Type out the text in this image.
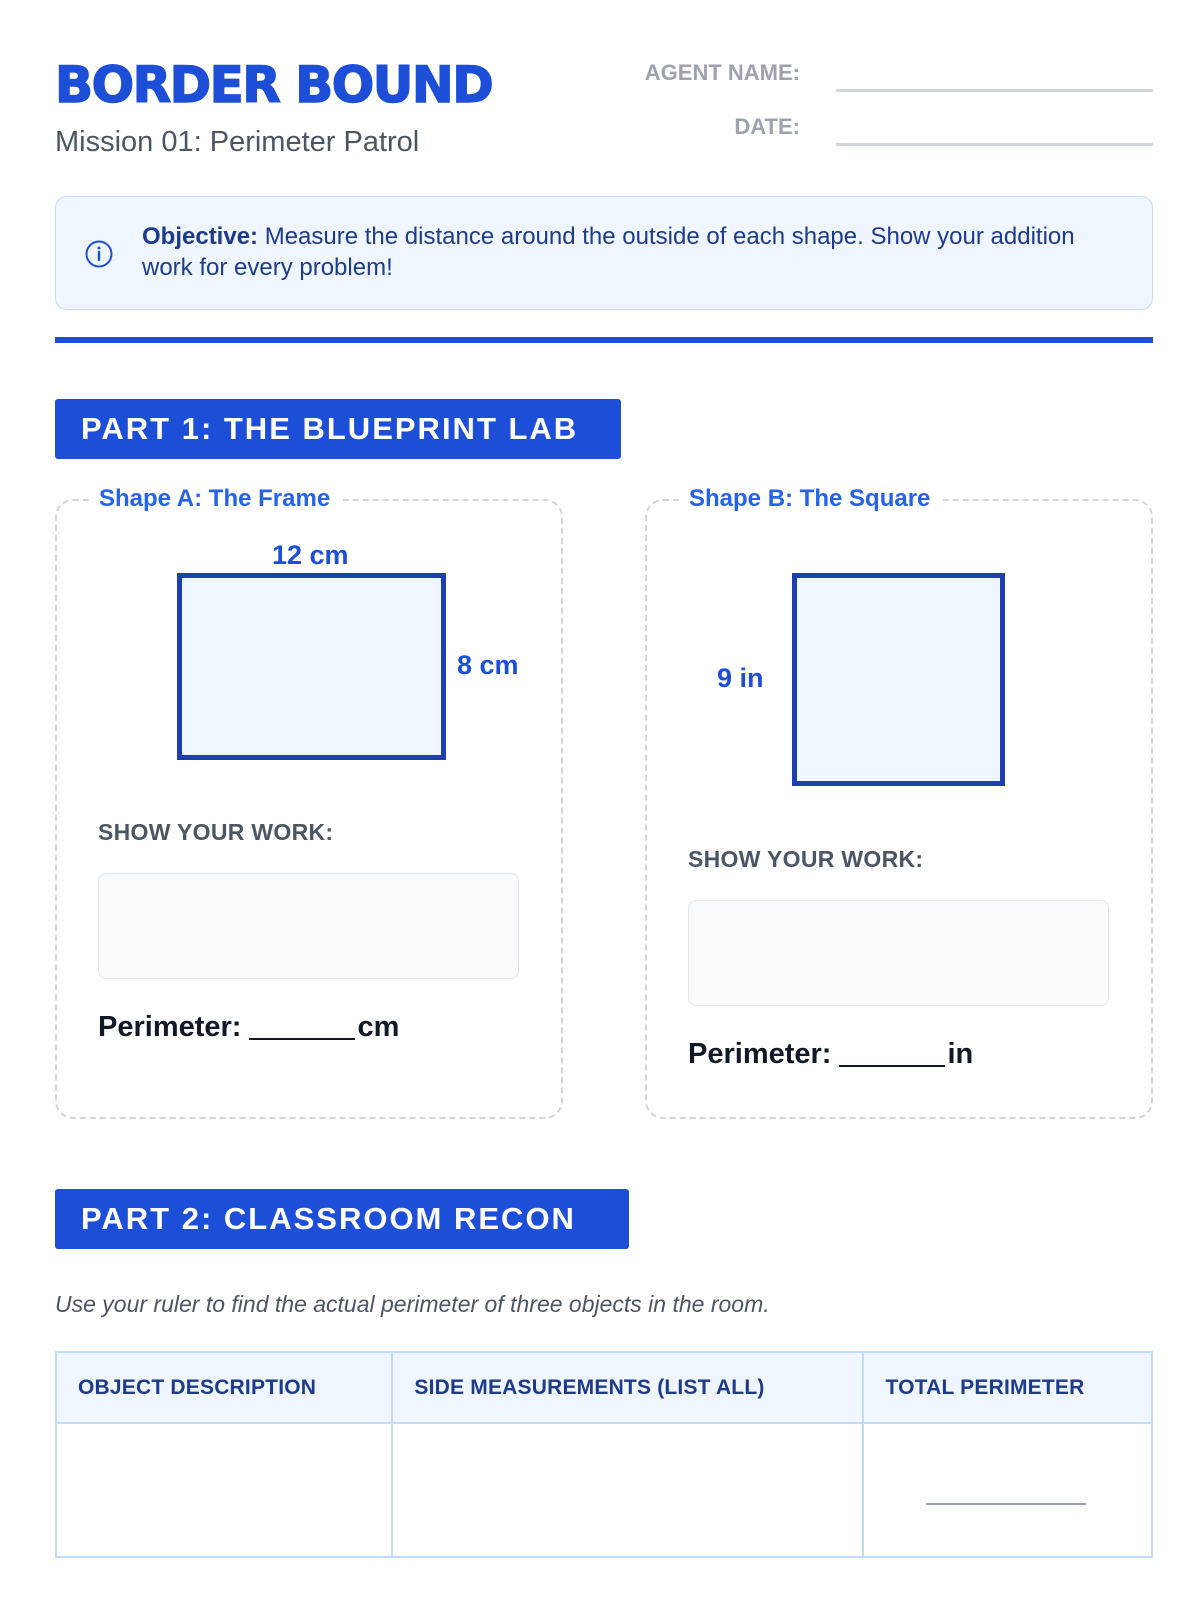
BORDER BOUND
Mission 01: Perimeter Patrol
AGENT NAME:
DATE:
Objective: Measure the distance around the outside of each shape. Show your addition work for every problem!
PART 1: THE BLUEPRINT LAB
Shape A: The Frame
12 cm
8 cm
SHOW YOUR WORK:
Perimeter:	cm
Shape B: The Square
9 in
SHOW YOUR WORK:
Perimeter:	in
PART 2: CLASSROOM RECON
Use your ruler to find the actual perimeter of three objects in the room.
OBJECT DESCRIPTION	SIDE MEASUREMENTS (LIST ALL)	TOTAL PERIMETER
